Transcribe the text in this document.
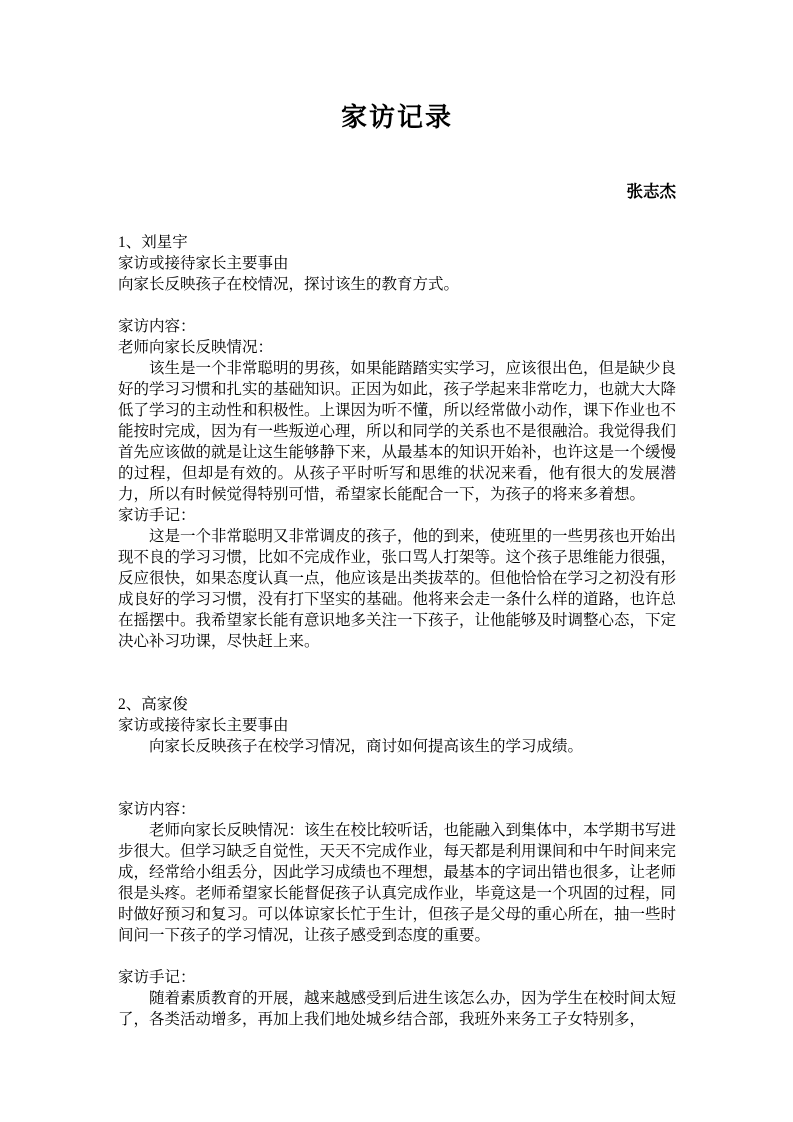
家访记录

张志杰

1、刘星宇

家访或接待家长主要事由

向家长反映孩子在校情况，探讨该生的教育方式。

家访内容：

老师向家长反映情况：

该生是一个非常聪明的男孩，如果能踏踏实实学习，应该很出色，但是缺少良好的学习习惯和扎实的基础知识。正因为如此，孩子学起来非常吃力，也就大大降 低了学习的主动性和积极性。上课因为听不懂，所以经常做小动作，课下作业也不能按时完成，因为有一些叛逆心理，所以和同学的关系也不是很融洽。我觉得我们 首先应该做的就是让这生能够静下来，从最基本的知识开始补，也许这是一个缓慢的过程，但却是有效的。从孩子平时听写和思维的状况来看，他有很大的发展潜 力，所以有时候觉得特别可惜，希望家长能配合一下，为孩子的将来多着想。

家访手记：

这是一个非常聪明又非常调皮的孩子，他的到来，使班里的一些男孩也开始出现不良的学习习惯，比如不完成作业，张口骂人打架等。这个孩子思维能力很强， 反应很快，如果态度认真一点，他应该是出类拔萃的。但他恰恰在学习之初没有形成良好的学习习惯，没有打下坚实的基础。他将来会走一条什么样的道路，也许总 在摇摆中。我希望家长能有意识地多关注一下孩子，让他能够及时调整心态，下定决心补习功课，尽快赶上来。

2、高家俊

家访或接待家长主要事由

向家长反映孩子在校学习情况，商讨如何提高该生的学习成绩。

家访内容：

老师向家长反映情况：该生在校比较听话，也能融入到集体中，本学期书写进步很大。但学习缺乏自觉性，天天不完成作业，每天都是利用课间和中午时间来完成，经常给小组丢分，因此学习成绩也不理想，最基本的字词出错也很多，让老师很是头疼。老师希望家长能督促孩子认真完成作业，毕竟这是一个巩固的过程，同时做好预习和复习。可以体谅家长忙于生计，但孩子是父母的重心所在，抽一些时间问一下孩子的学习情况，让孩子感受到态度的重要。

家访手记：

随着素质教育的开展，越来越感受到后进生该怎么办，因为学生在校时间太短了，各类活动增多，再加上我们地处城乡结合部，我班外来务工子女特别多，
